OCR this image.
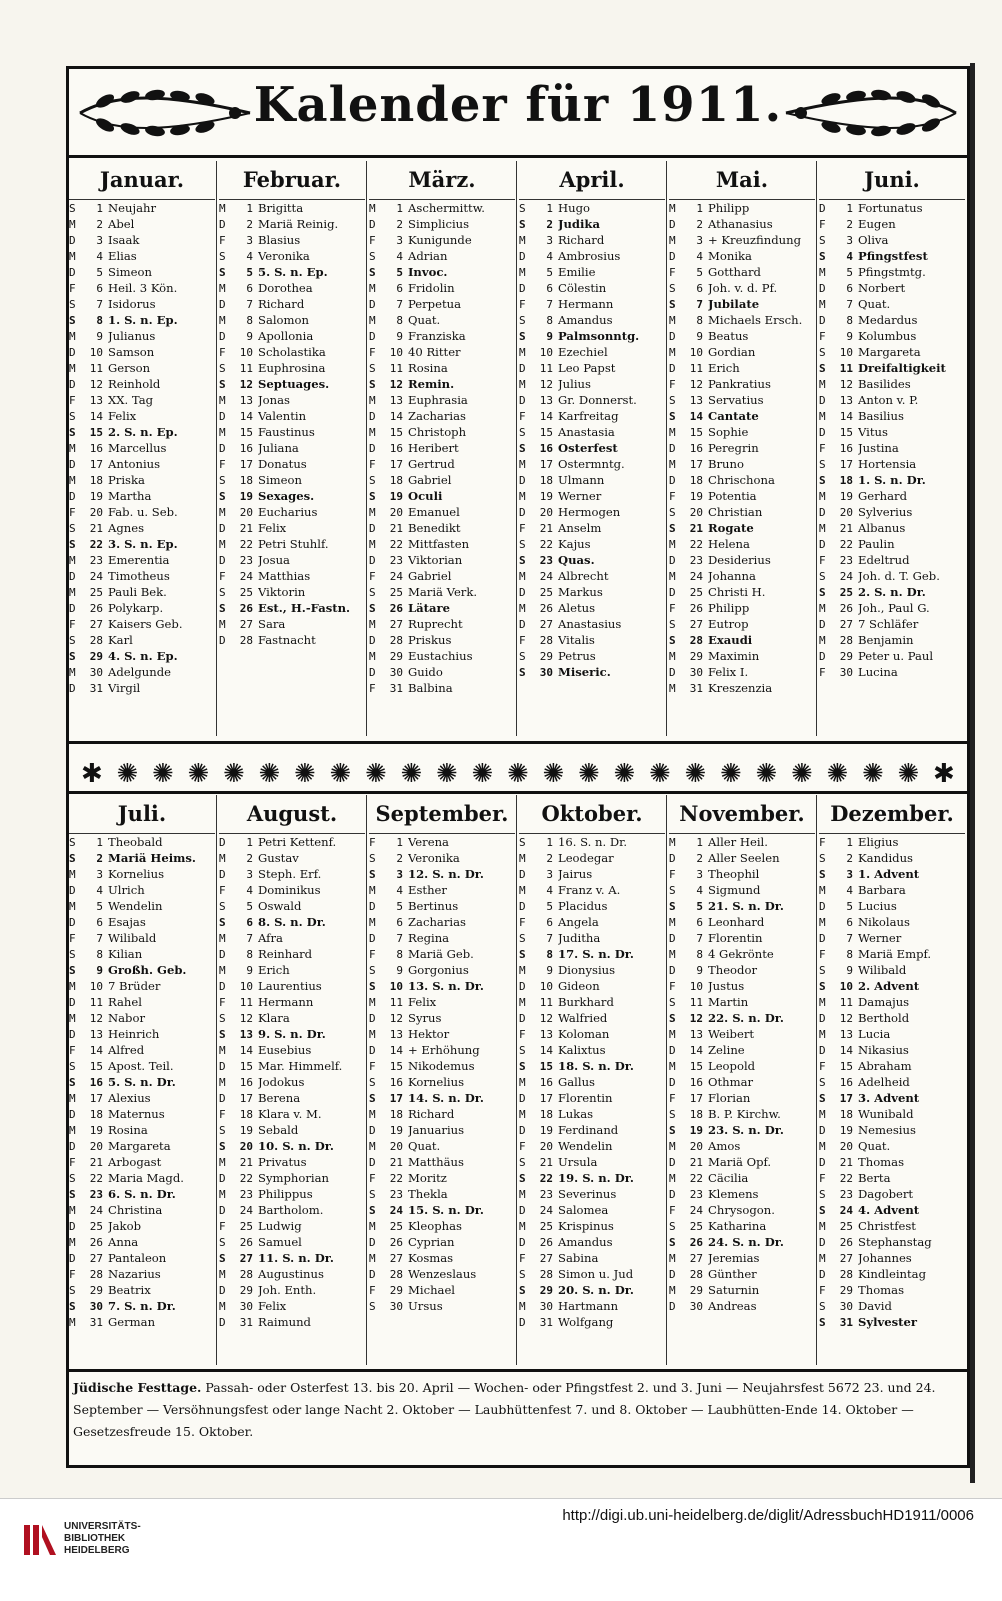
Kalender für 1911.
Januar.
S	1 Neujahr
M	2 Abel
D	3 Isaak
M	4 Elias
D	5 Simeon
F	6 Heil. 3 Kön.
S	7 Isidorus
S	8 1. S. n. Ep.
M	9 Julianus
D	10 Samson
M	11 Gerson
D	12 Reinhold
F	13 XX. Tag
S	14 Felix
S	15 2. S. n. Ep.
M	16 Marcellus
D	17 Antonius
M	18 Priska
D	19 Martha
F	20 Fab. u. Seb.
S	21 Agnes
S	22 3. S. n. Ep.
M	23 Emerentia
D	24 Timotheus
M	25 Pauli Bek.
D	26 Polykarp.
F	27 Kaisers Geb.
S	28 Karl
S	29 4. S. n. Ep.
M	30 Adelgunde
D	31 Virgil
Februar.
M	1 Brigitta
D	2 Mariä Reinig.
F	3 Blasius
S	4 Veronika
S	5 5. S. n. Ep.
M	6 Dorothea
D	7 Richard
M	8 Salomon
D	9 Apollonia
F	10 Scholastika
S	11 Euphrosina
S	12 Septuages.
M	13 Jonas
D	14 Valentin
M	15 Faustinus
D	16 Juliana
F	17 Donatus
S	18 Simeon
S	19 Sexages.
M	20 Eucharius
D	21 Felix
M	22 Petri Stuhlf.
D	23 Josua
F	24 Matthias
S	25 Viktorin
S	26 Est., H.-Fastn.
M	27 Sara
D	28 Fastnacht
März.
M	1 Aschermittw.
D	2 Simplicius
F	3 Kunigunde
S	4 Adrian
S	5 Invoc.
M	6 Fridolin
D	7 Perpetua
M	8 Quat.
D	9 Franziska
F	10 40 Ritter
S	11 Rosina
S	12 Remin.
M	13 Euphrasia
D	14 Zacharias
M	15 Christoph
D	16 Heribert
F	17 Gertrud
S	18 Gabriel
S	19 Oculi
M	20 Emanuel
D	21 Benedikt
M	22 Mittfasten
D	23 Viktorian
F	24 Gabriel
S	25 Mariä Verk.
S	26 Lätare
M	27 Ruprecht
D	28 Priskus
M	29 Eustachius
D	30 Guido
F	31 Balbina
April.
S	1 Hugo
S	2 Judika
M	3 Richard
D	4 Ambrosius
M	5 Emilie
D	6 Cölestin
F	7 Hermann
S	8 Amandus
S	9 Palmsonntg.
M	10 Ezechiel
D	11 Leo Papst
M	12 Julius
D	13 Gr. Donnerst.
F	14 Karfreitag
S	15 Anastasia
S	16 Osterfest
M	17 Ostermntg.
D	18 Ulmann
M	19 Werner
D	20 Hermogen
F	21 Anselm
S	22 Kajus
S	23 Quas.
M	24 Albrecht
D	25 Markus
M	26 Aletus
D	27 Anastasius
F	28 Vitalis
S	29 Petrus
S	30 Miseric.
Mai.
M	1 Philipp
D	2 Athanasius
M	3 + Kreuzfindung
D	4 Monika
F	5 Gotthard
S	6 Joh. v. d. Pf.
S	7 Jubilate
M	8 Michaels Ersch.
D	9 Beatus
M	10 Gordian
D	11 Erich
F	12 Pankratius
S	13 Servatius
S	14 Cantate
M	15 Sophie
D	16 Peregrin
M	17 Bruno
D	18 Chrischona
F	19 Potentia
S	20 Christian
S	21 Rogate
M	22 Helena
D	23 Desiderius
M	24 Johanna
D	25 Christi H.
F	26 Philipp
S	27 Eutrop
S	28 Exaudi
M	29 Maximin
D	30 Felix I.
M	31 Kreszenzia
Juni.
D	1 Fortunatus
F	2 Eugen
S	3 Oliva
S	4 Pfingstfest
M	5 Pfingstmtg.
D	6 Norbert
M	7 Quat.
D	8 Medardus
F	9 Kolumbus
S	10 Margareta
S	11 Dreifaltigkeit
M	12 Basilides
D	13 Anton v. P.
M	14 Basilius
D	15 Vitus
F	16 Justina
S	17 Hortensia
S	18 1. S. n. Dr.
M	19 Gerhard
D	20 Sylverius
M	21 Albanus
D	22 Paulin
F	23 Edeltrud
S	24 Joh. d. T. Geb.
S	25 2. S. n. Dr.
M	26 Joh., Paul G.
D	27 7 Schläfer
M	28 Benjamin
D	29 Peter u. Paul
F	30 Lucina
✱ ✺ ✺ ✺ ✺ ✺ ✺ ✺ ✺ ✺ ✺ ✺ ✺ ✺ ✺ ✺ ✺ ✺ ✺ ✺ ✺ ✺ ✺ ✺ ✱
Juli.
S	1 Theobald
S	2 Mariä Heims.
M	3 Kornelius
D	4 Ulrich
M	5 Wendelin
D	6 Esajas
F	7 Wilibald
S	8 Kilian
S	9 Großh. Geb.
M	10 7 Brüder
D	11 Rahel
M	12 Nabor
D	13 Heinrich
F	14 Alfred
S	15 Apost. Teil.
S	16 5. S. n. Dr.
M	17 Alexius
D	18 Maternus
M	19 Rosina
D	20 Margareta
F	21 Arbogast
S	22 Maria Magd.
S	23 6. S. n. Dr.
M	24 Christina
D	25 Jakob
M	26 Anna
D	27 Pantaleon
F	28 Nazarius
S	29 Beatrix
S	30 7. S. n. Dr.
M	31 German
August.
D	1 Petri Kettenf.
M	2 Gustav
D	3 Steph. Erf.
F	4 Dominikus
S	5 Oswald
S	6 8. S. n. Dr.
M	7 Afra
D	8 Reinhard
M	9 Erich
D	10 Laurentius
F	11 Hermann
S	12 Klara
S	13 9. S. n. Dr.
M	14 Eusebius
D	15 Mar. Himmelf.
M	16 Jodokus
D	17 Berena
F	18 Klara v. M.
S	19 Sebald
S	20 10. S. n. Dr.
M	21 Privatus
D	22 Symphorian
M	23 Philippus
D	24 Bartholom.
F	25 Ludwig
S	26 Samuel
S	27 11. S. n. Dr.
M	28 Augustinus
D	29 Joh. Enth.
M	30 Felix
D	31 Raimund
September.
F	1 Verena
S	2 Veronika
S	3 12. S. n. Dr.
M	4 Esther
D	5 Bertinus
M	6 Zacharias
D	7 Regina
F	8 Mariä Geb.
S	9 Gorgonius
S	10 13. S. n. Dr.
M	11 Felix
D	12 Syrus
M	13 Hektor
D	14 + Erhöhung
F	15 Nikodemus
S	16 Kornelius
S	17 14. S. n. Dr.
M	18 Richard
D	19 Januarius
M	20 Quat.
D	21 Matthäus
F	22 Moritz
S	23 Thekla
S	24 15. S. n. Dr.
M	25 Kleophas
D	26 Cyprian
M	27 Kosmas
D	28 Wenzeslaus
F	29 Michael
S	30 Ursus
Oktober.
S	1 16. S. n. Dr.
M	2 Leodegar
D	3 Jairus
M	4 Franz v. A.
D	5 Placidus
F	6 Angela
S	7 Juditha
S	8 17. S. n. Dr.
M	9 Dionysius
D	10 Gideon
M	11 Burkhard
D	12 Walfried
F	13 Koloman
S	14 Kalixtus
S	15 18. S. n. Dr.
M	16 Gallus
D	17 Florentin
M	18 Lukas
D	19 Ferdinand
F	20 Wendelin
S	21 Ursula
S	22 19. S. n. Dr.
M	23 Severinus
D	24 Salomea
M	25 Krispinus
D	26 Amandus
F	27 Sabina
S	28 Simon u. Jud
S	29 20. S. n. Dr.
M	30 Hartmann
D	31 Wolfgang
November.
M	1 Aller Heil.
D	2 Aller Seelen
F	3 Theophil
S	4 Sigmund
S	5 21. S. n. Dr.
M	6 Leonhard
D	7 Florentin
M	8 4 Gekrönte
D	9 Theodor
F	10 Justus
S	11 Martin
S	12 22. S. n. Dr.
M	13 Weibert
D	14 Zeline
M	15 Leopold
D	16 Othmar
F	17 Florian
S	18 B. P. Kirchw.
S	19 23. S. n. Dr.
M	20 Amos
D	21 Mariä Opf.
M	22 Cäcilia
D	23 Klemens
F	24 Chrysogon.
S	25 Katharina
S	26 24. S. n. Dr.
M	27 Jeremias
D	28 Günther
M	29 Saturnin
D	30 Andreas
Dezember.
F	1 Eligius
S	2 Kandidus
S	3 1. Advent
M	4 Barbara
D	5 Lucius
M	6 Nikolaus
D	7 Werner
F	8 Mariä Empf.
S	9 Wilibald
S	10 2. Advent
M	11 Damajus
D	12 Berthold
M	13 Lucia
D	14 Nikasius
F	15 Abraham
S	16 Adelheid
S	17 3. Advent
M	18 Wunibald
D	19 Nemesius
M	20 Quat.
D	21 Thomas
F	22 Berta
S	23 Dagobert
S	24 4. Advent
M	25 Christfest
D	26 Stephanstag
M	27 Johannes
D	28 Kindleintag
F	29 Thomas
S	30 David
S	31 Sylvester
Jüdische Festtage. Passah- oder Osterfest 13. bis 20. April — Wochen- oder Pfingstfest 2. und 3. Juni — Neujahrsfest 5672 23. und 24. September — Versöhnungsfest oder lange Nacht 2. Oktober — Laubhüttenfest 7. und 8. Oktober — Laubhütten-Ende 14. Oktober — Gesetzesfreude 15. Oktober.
UNIVERSITÄTS-
BIBLIOTHEK
HEIDELBERG
http://digi.ub.uni-heidelberg.de/diglit/AdressbuchHD1911/0006
